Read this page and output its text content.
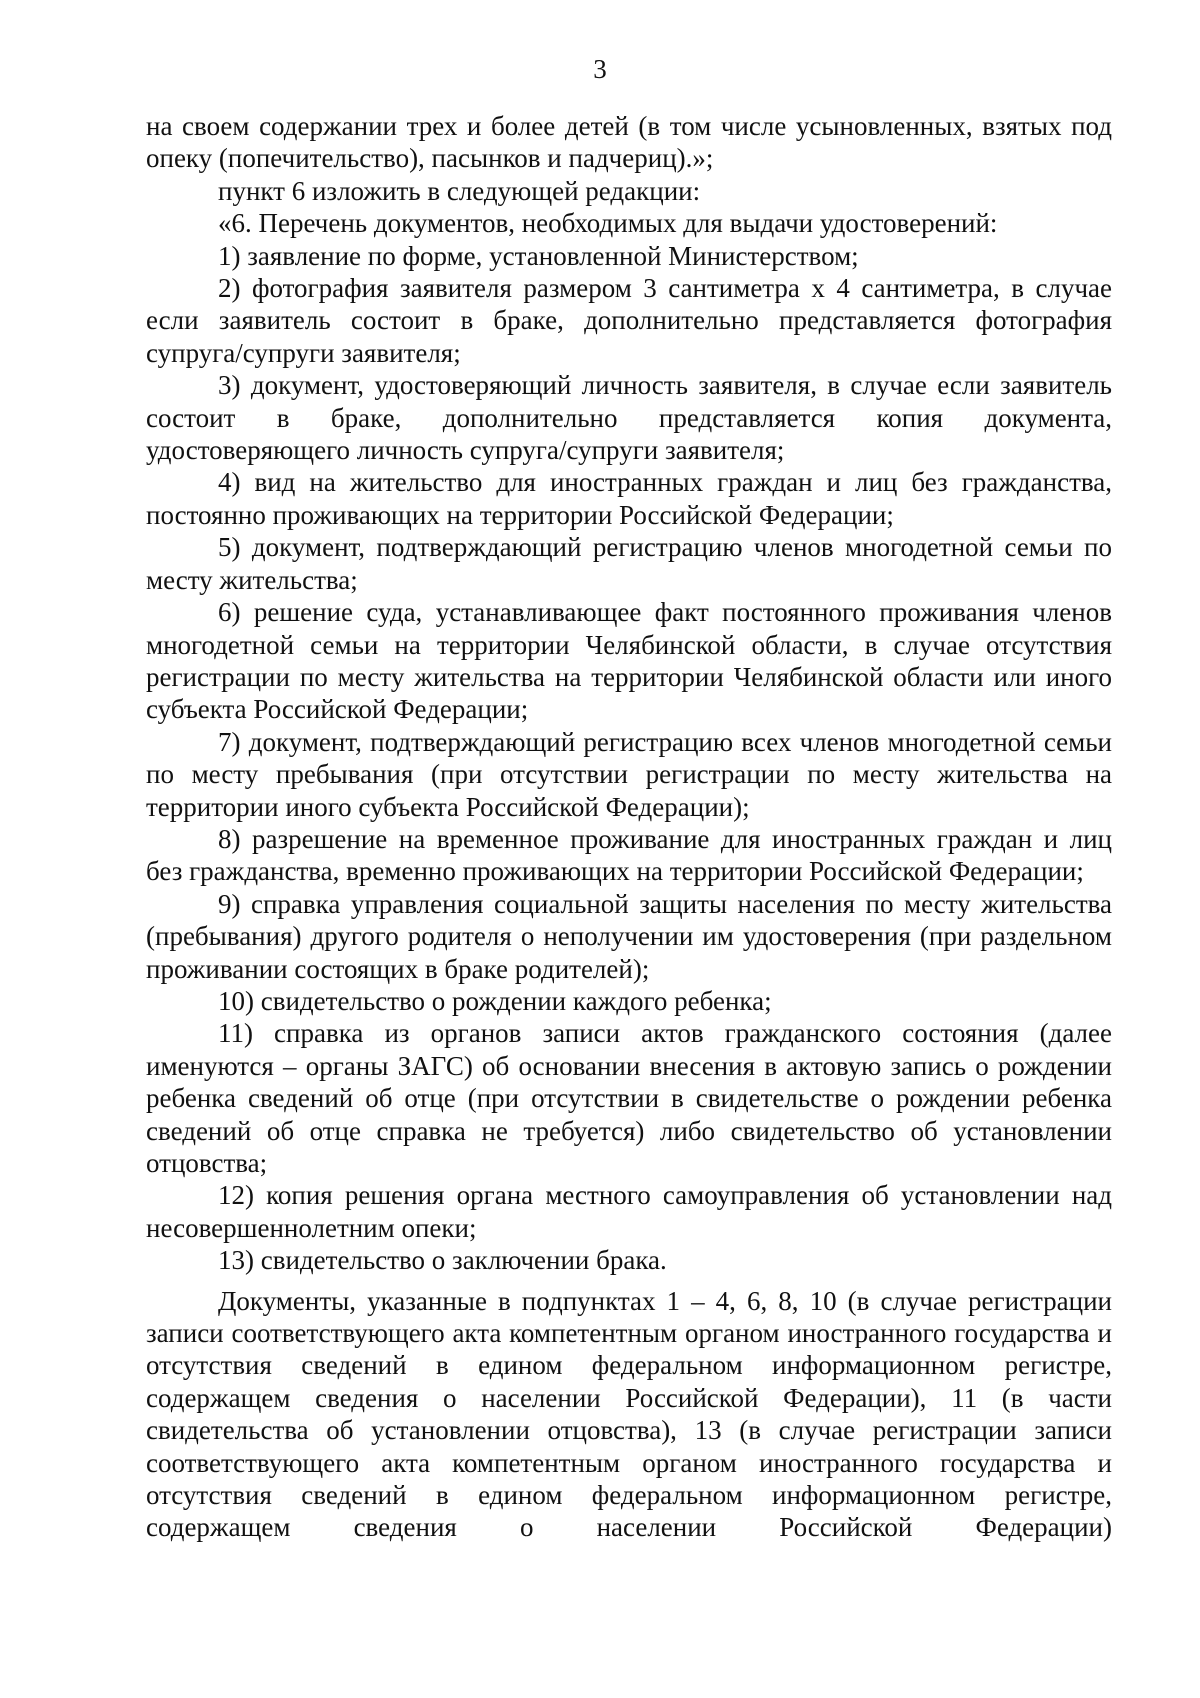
3

на своем содержании трех и более детей (в том числе усыновленных, взятых под опеку (попечительство), пасынков и падчериц).»;

пункт 6 изложить в следующей редакции:

«6. Перечень документов, необходимых для выдачи удостоверений:

1) заявление по форме, установленной Министерством;

2) фотография заявителя размером 3 сантиметра х 4 сантиметра, в случае если заявитель состоит в браке, дополнительно представляется фотография супруга/супруги заявителя;

3) документ, удостоверяющий личность заявителя, в случае если заявитель состоит в браке, дополнительно представляется копия документа, удостоверяющего личность супруга/супруги заявителя;

4) вид на жительство для иностранных граждан и лиц без гражданства, постоянно проживающих на территории Российской Федерации;

5) документ, подтверждающий регистрацию членов многодетной семьи по месту жительства;

6) решение суда, устанавливающее факт постоянного проживания членов многодетной семьи на территории Челябинской области, в случае отсутствия регистрации по месту жительства на территории Челябинской области или иного субъекта Российской Федерации;

7) документ, подтверждающий регистрацию всех членов многодетной семьи по месту пребывания (при отсутствии регистрации по месту жительства на территории иного субъекта Российской Федерации);

8) разрешение на временное проживание для иностранных граждан и лиц без гражданства, временно проживающих на территории Российской Федерации;

9) справка управления социальной защиты населения по месту жительства (пребывания) другого родителя о неполучении им удостоверения (при раздельном проживании состоящих в браке родителей);

10) свидетельство о рождении каждого ребенка;

11) справка из органов записи актов гражданского состояния (далее именуются – органы ЗАГС) об основании внесения в актовую запись о рождении ребенка сведений об отце (при отсутствии в свидетельстве о рождении ребенка сведений об отце справка не требуется) либо свидетельство об установлении отцовства;

12) копия решения органа местного самоуправления об установлении над несовершеннолетним опеки;

13) свидетельство о заключении брака.

Документы, указанные в подпунктах 1 – 4, 6, 8, 10 (в случае регистрации записи соответствующего акта компетентным органом иностранного государства и отсутствия сведений в едином федеральном информационном регистре, содержащем сведения о населении Российской Федерации), 11 (в части свидетельства об установлении отцовства), 13 (в случае регистрации записи соответствующего акта компетентным органом иностранного государства и отсутствия сведений в едином федеральном информационном регистре, содержащем сведения о населении Российской Федерации)
